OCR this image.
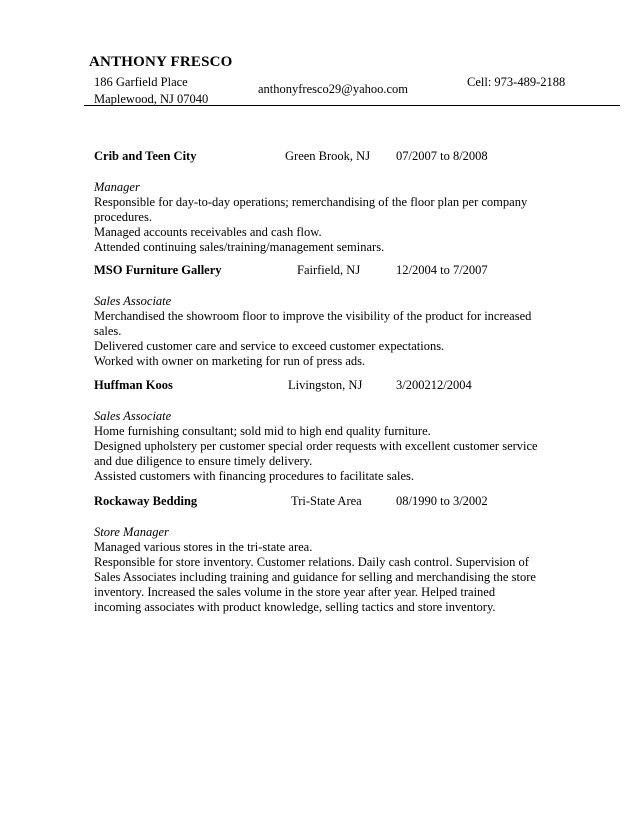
ANTHONY FRESCO
186 Garfield Place
Maplewood, NJ 07040
anthonyfresco29@yahoo.com	Cell: 973-489-2188
Crib and Teen City	Green Brook, NJ 07/2007 to 8/2008
Manager
Responsible for day-to-day operations; remerchandising of the floor plan per company
procedures.
Managed accounts receivables and cash flow.
Attended continuing sales/training/management seminars.
MSO Furniture Gallery	Fairfield, NJ	12/2004 to 7/2007
Sales Associate
Merchandised the showroom floor to improve the visibility of the product for increased
sales.
Delivered customer care and service to exceed customer expectations.
Worked with owner on marketing for run of press ads.
Huffman Koos	Livingston, NJ	3/200212/2004
Sales Associate
Home furnishing consultant; sold mid to high end quality furniture.
Designed upholstery per customer special order requests with excellent customer service
and due diligence to ensure timely delivery.
Assisted customers with financing procedures to facilitate sales.
Rockaway Bedding	Tri-State Area	08/1990 to 3/2002
Store Manager
Managed various stores in the tri-state area.
Responsible for store inventory. Customer relations. Daily cash control. Supervision of
Sales Associates including training and guidance for selling and merchandising the store
inventory. Increased the sales volume in the store year after year. Helped trained
incoming associates with product knowledge, selling tactics and store inventory.
